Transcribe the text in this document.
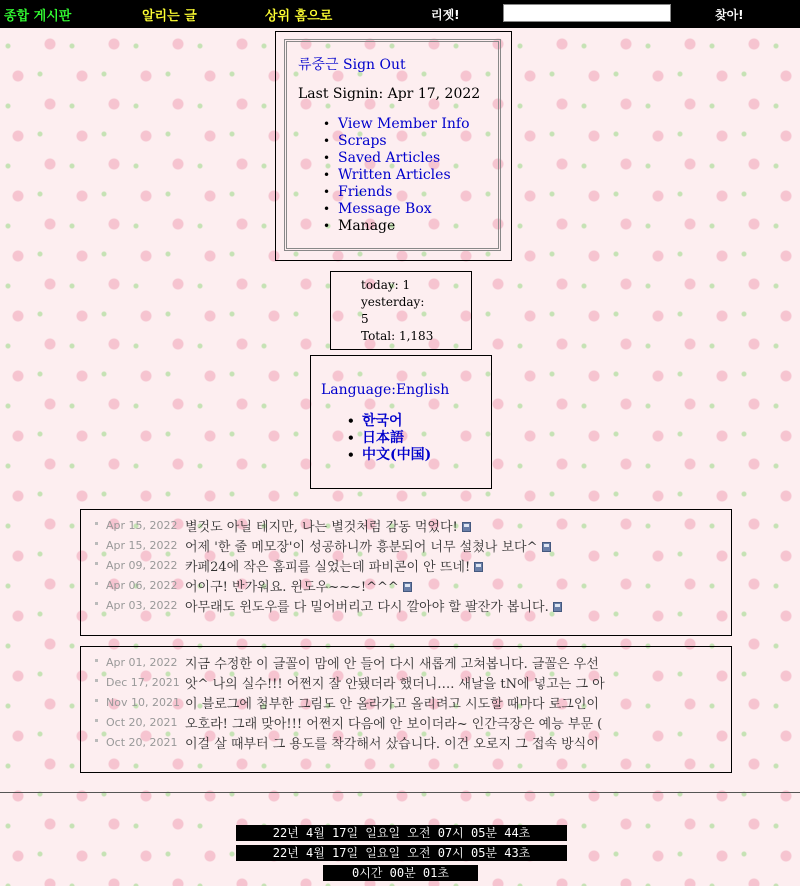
종합 게시판	알리는 글	상위 홈으로	리젯!	찾아!
류중근 Sign Out
Last Signin: Apr 17, 2022
• View Member Info
• Scraps
• Saved Articles
• Written Articles
• Friends
• Message Box
• Manage
today: 1
yesterday:
5
Total: 1,183
Language:English
• 한국어
• 日本語
• 中文(中国)
Apr 15, 2022 별것도 아닐 테지만, 나는 별것처럼 감동 먹었다!
Apr 15, 2022 어제 '한 줄 메모장'이 성공하니까 흥분되어 너무 설쳤나 보다^
Apr 09, 2022 카페24에 작은 홈피를 실었는데 파비콘이 안 뜨네!
Apr 06, 2022 어이구! 반가워요. 윈도우~~~!^^^
Apr 03, 2022 아무래도 윈도우를 다 밀어버리고 다시 깔아야 할 팔잔가 봅니다.
Apr 01, 2022 지금 수정한 이 글꼴이 맘에 안 들어 다시 새롭게 고쳐봅니다. 글꼴은 우선
Dec 17, 2021 앗^ 나의 실수!!! 어쩐지 잘 안됐더라 했더니…. 새날을 tN에 넣고는 그 아
Nov 10, 2021 이 블로그에 첨부한 그림도 안 올라가고 올리려고 시도할 때마다 로그인이
Oct 20, 2021 오호라! 그래 맞아!!! 어쩐지 다음에 안 보이더라~ 인간극장은 예능 부문 (
Oct 20, 2021 이걸 살 때부터 그 용도를 착각해서 샀습니다. 이건 오로지 그 접속 방식이
22년 4월 17일 일요일 오전 07시 05분 44초
22년 4월 17일 일요일 오전 07시 05분 43초
0시간 00분 01초
